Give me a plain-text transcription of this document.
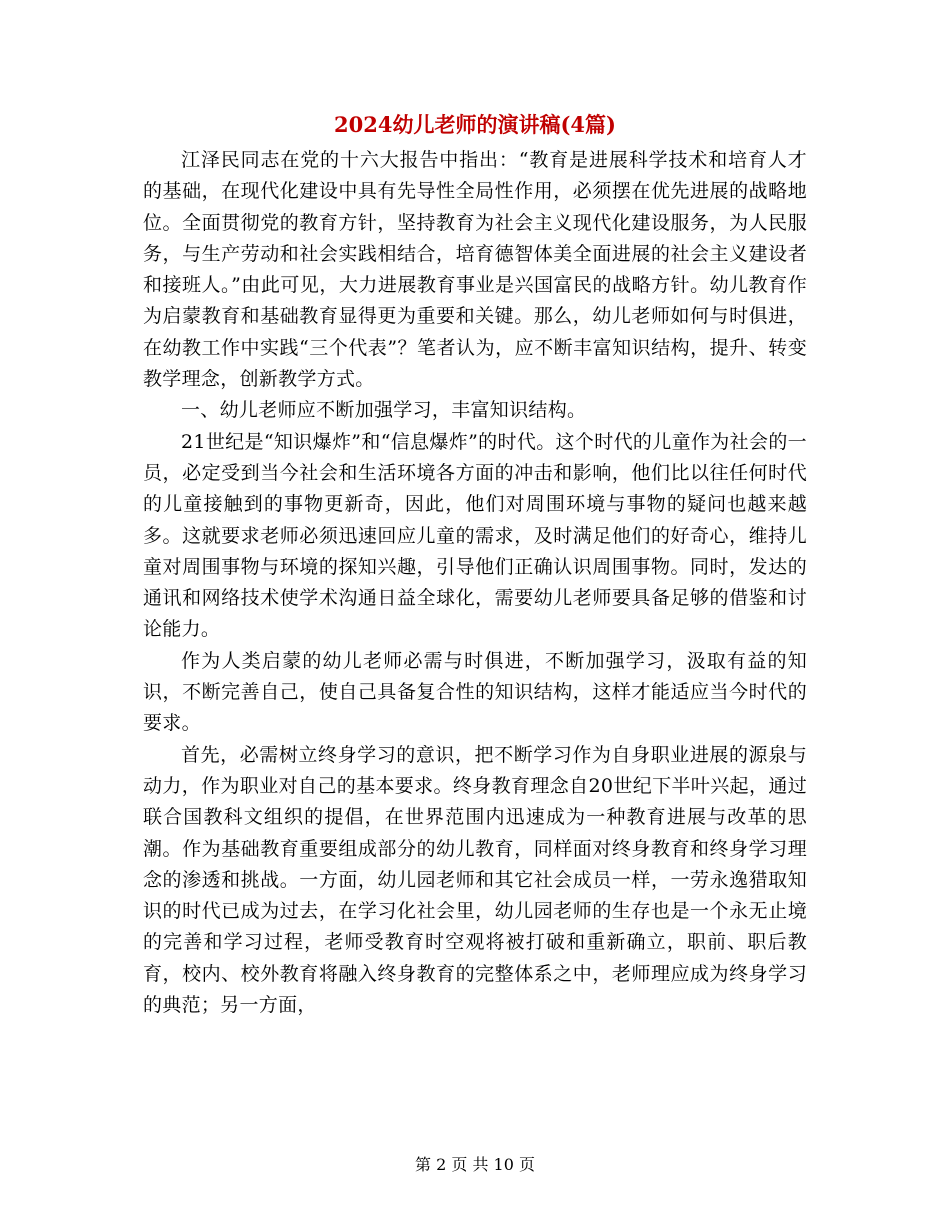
2024幼儿老师的演讲稿(4篇)

江泽民同志在党的十六大报告中指出：“教育是进展科学技术和培育人才的基础，在现代化建设中具有先导性全局性作用，必须摆在优先进展的战略地位。全面贯彻党的教育方针，坚持教育为社会主义现代化建设服务，为人民服务，与生产劳动和社会实践相结合，培育德智体美全面进展的社会主义建设者和接班人。”由此可见，大力进展教育事业是兴国富民的战略方针。幼儿教育作为启蒙教育和基础教育显得更为重要和关键。那么，幼儿老师如何与时俱进，在幼教工作中实践“三个代表”？笔者认为，应不断丰富知识结构，提升、转变教学理念，创新教学方式。

一、幼儿老师应不断加强学习，丰富知识结构。

21世纪是“知识爆炸”和“信息爆炸”的时代。这个时代的儿童作为社会的一员，必定受到当今社会和生活环境各方面的冲击和影响，他们比以往任何时代的儿童接触到的事物更新奇，因此，他们对周围环境与事物的疑问也越来越多。这就要求老师必须迅速回应儿童的需求，及时满足他们的好奇心，维持儿童对周围事物与环境的探知兴趣，引导他们正确认识周围事物。同时，发达的通讯和网络技术使学术沟通日益全球化，需要幼儿老师要具备足够的借鉴和讨论能力。

作为人类启蒙的幼儿老师必需与时俱进，不断加强学习，汲取有益的知识，不断完善自己，使自己具备复合性的知识结构，这样才能适应当今时代的要求。

首先，必需树立终身学习的意识，把不断学习作为自身职业进展的源泉与动力，作为职业对自己的基本要求。终身教育理念自20世纪下半叶兴起，通过联合国教科文组织的提倡，在世界范围内迅速成为一种教育进展与改革的思潮。作为基础教育重要组成部分的幼儿教育，同样面对终身教育和终身学习理念的渗透和挑战。一方面，幼儿园老师和其它社会成员一样，一劳永逸猎取知识的时代已成为过去，在学习化社会里，幼儿园老师的生存也是一个永无止境的完善和学习过程，老师受教育时空观将被打破和重新确立，职前、职后教育，校内、校外教育将融入终身教育的完整体系之中，老师理应成为终身学习的典范；另一方面，

第 2 页 共 10 页
